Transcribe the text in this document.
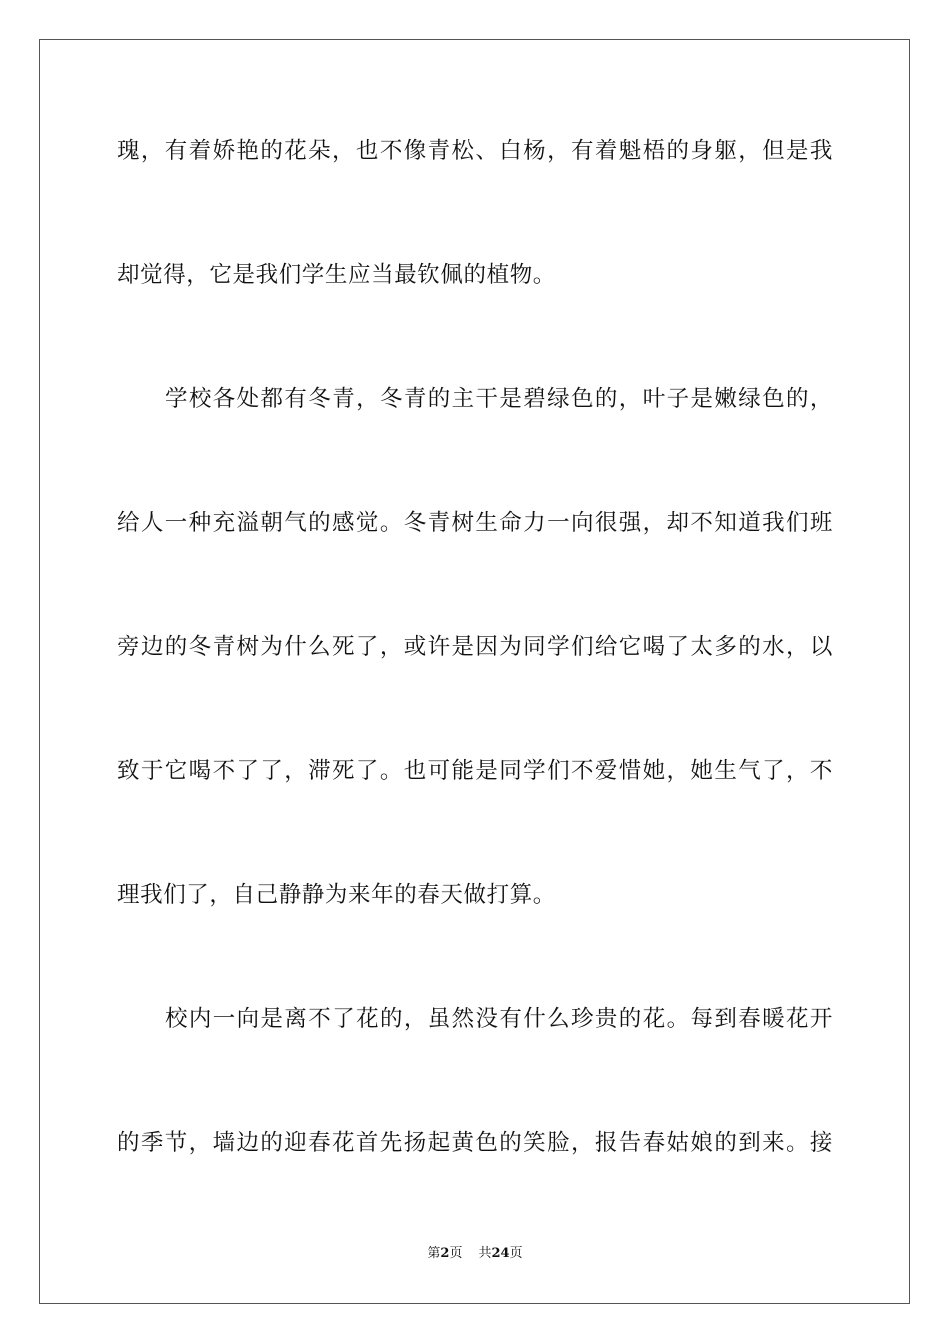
瑰，有着娇艳的花朵，也不像青松、白杨，有着魁梧的身躯，但是我
却觉得，它是我们学生应当最钦佩的植物。
学校各处都有冬青，冬青的主干是碧绿色的，叶子是嫩绿色的，
给人一种充溢朝气的感觉。冬青树生命力一向很强，却不知道我们班
旁边的冬青树为什么死了，或许是因为同学们给它喝了太多的水，以
致于它喝不了了，滞死了。也可能是同学们不爱惜她，她生气了，不
理我们了，自己静静为来年的春天做打算。
校内一向是离不了花的，虽然没有什么珍贵的花。每到春暖花开
的季节，墙边的迎春花首先扬起黄色的笑脸，报告春姑娘的到来。接
第2页 共24页
